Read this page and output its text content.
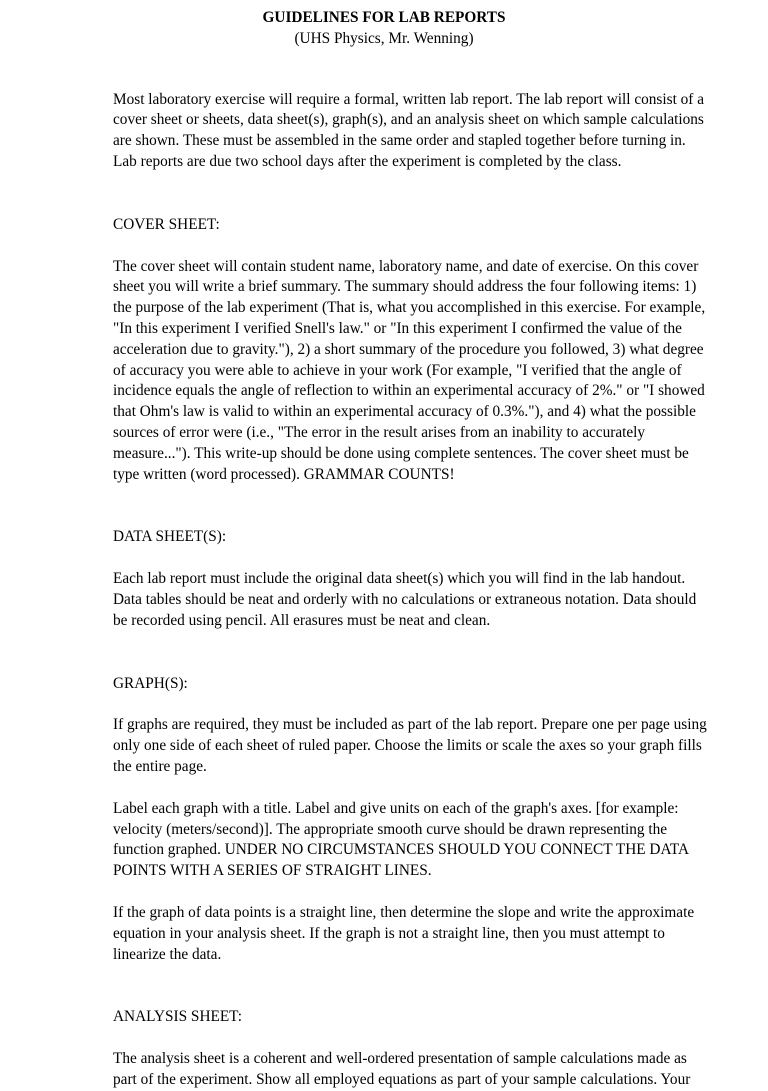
GUIDELINES FOR LAB REPORTS
(UHS Physics, Mr. Wenning)

Most laboratory exercise will require a formal, written lab report. The lab report will consist of a

cover sheet or sheets, data sheet(s), graph(s), and an analysis sheet on which sample calculations

are shown. These must be assembled in the same order and stapled together before turning in.

Lab reports are due two school days after the experiment is completed by the class.

COVER SHEET:

The cover sheet will contain student name, laboratory name, and date of exercise. On this cover

sheet you will write a brief summary. The summary should address the four following items: 1)

the purpose of the lab experiment (That is, what you accomplished in this exercise. For example,

"In this experiment I verified Snell's law." or "In this experiment I confirmed the value of the

acceleration due to gravity."), 2) a short summary of the procedure you followed, 3) what degree

of accuracy you were able to achieve in your work (For example, "I verified that the angle of

incidence equals the angle of reflection to within an experimental accuracy of 2%." or "I showed

that Ohm's law is valid to within an experimental accuracy of 0.3%."), and 4) what the possible

sources of error were (i.e., "The error in the result arises from an inability to accurately

measure..."). This write-up should be done using complete sentences. The cover sheet must be

type written (word processed). GRAMMAR COUNTS!

DATA SHEET(S):

Each lab report must include the original data sheet(s) which you will find in the lab handout.

Data tables should be neat and orderly with no calculations or extraneous notation. Data should

be recorded using pencil. All erasures must be neat and clean.

GRAPH(S):

If graphs are required, they must be included as part of the lab report. Prepare one per page using

only one side of each sheet of ruled paper. Choose the limits or scale the axes so your graph fills

the entire page.

Label each graph with a title. Label and give units on each of the graph's axes. [for example:

velocity (meters/second)]. The appropriate smooth curve should be drawn representing the

function graphed. UNDER NO CIRCUMSTANCES SHOULD YOU CONNECT THE DATA

POINTS WITH A SERIES OF STRAIGHT LINES.

If the graph of data points is a straight line, then determine the slope and write the approximate

equation in your analysis sheet. If the graph is not a straight line, then you must attempt to

linearize the data.

ANALYSIS SHEET:

The analysis sheet is a coherent and well-ordered presentation of sample calculations made as

part of the experiment. Show all employed equations as part of your sample calculations. Your
